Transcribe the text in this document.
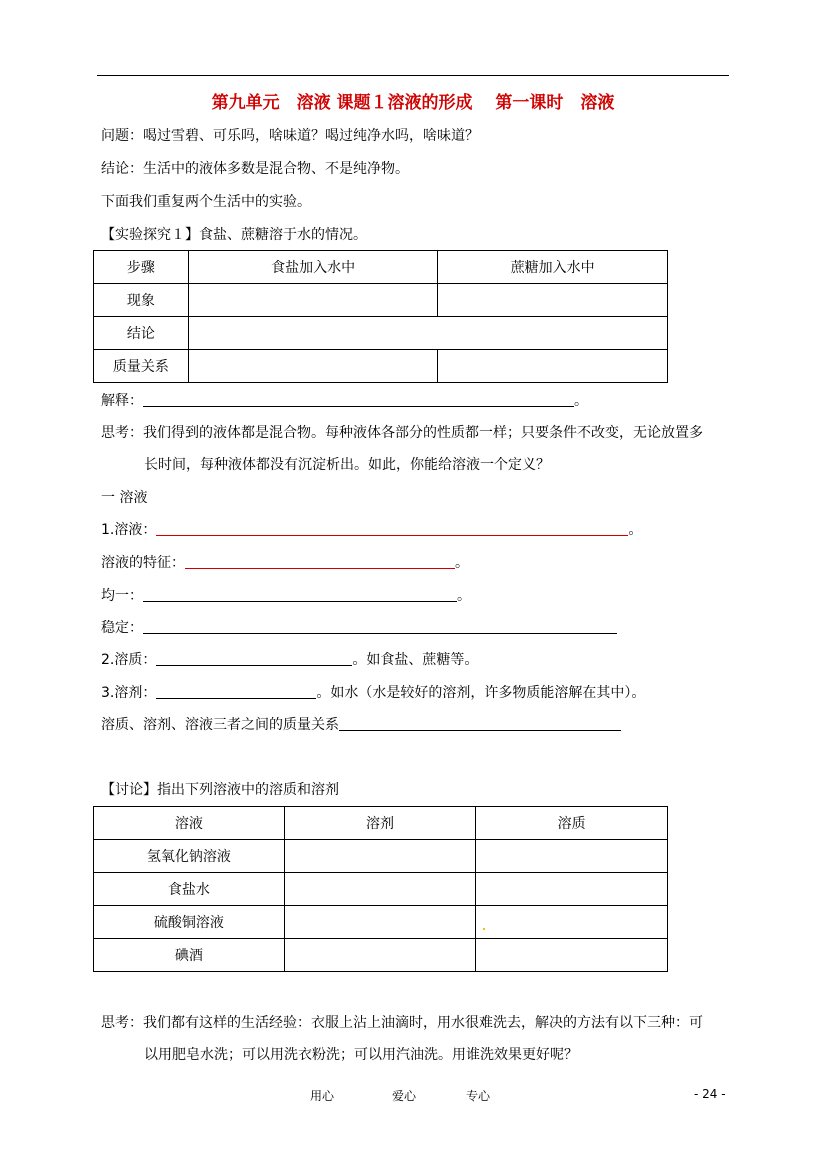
第九单元　溶液 课题１溶液的形成　 第一课时　溶液
问题：喝过雪碧、可乐吗，啥味道？喝过纯净水吗，啥味道？
结论：生活中的液体多数是混合物、不是纯净物。
下面我们重复两个生活中的实验。
【实验探究１】食盐、蔗糖溶于水的情况。
步骤	食盐加入水中	蔗糖加入水中
现象		
结论		
质量关系		
解释：	。
思考：我们得到的液体都是混合物。每种液体各部分的性质都一样；只要条件不改变，无论放置多
长时间，每种液体都没有沉淀析出。如此，你能给溶液一个定义？
一 溶液
1.溶液：	。
溶液的特征：	。
均一：	。
稳定：
2.溶质：	。如食盐、蔗糖等。
3.溶剂：	。如水（水是较好的溶剂，许多物质能溶解在其中）。
溶质、溶剂、溶液三者之间的质量关系
【讨论】指出下列溶液中的溶质和溶剂
溶液	溶剂	溶质
氢氧化钠溶液		
食盐水		
硫酸铜溶液		
碘酒		
思考：我们都有这样的生活经验：衣服上沾上油滴时，用水很难洗去，解决的方法有以下三种：可
以用肥皂水洗；可以用洗衣粉洗；可以用汽油洗。用谁洗效果更好呢？
用心	爱心	专心	- 24 -
